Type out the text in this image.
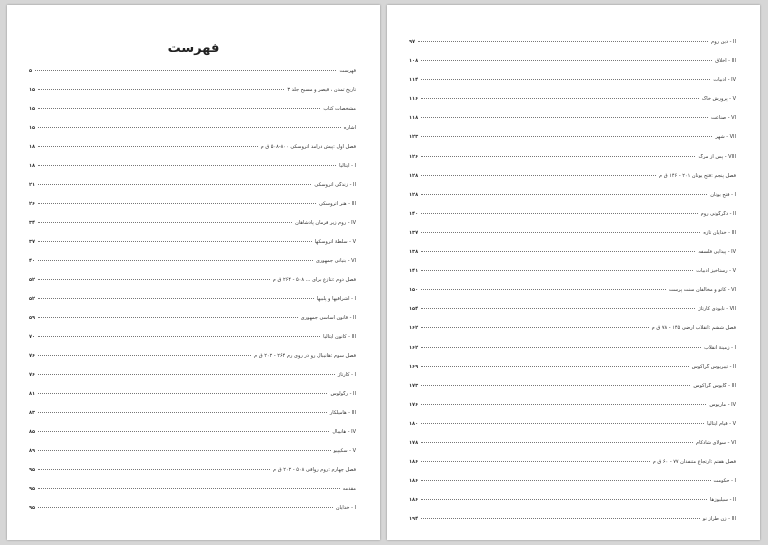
فهرست
فهرست
۵
تاریخ تمدن ، قیصر و مسیح جلد ۳
۱۵
مشخصات کتاب
۱۵
اشاره
۱۵
فصل اول :پیش درآمد اتروسکی ۸۰۰-۵۰۸ ق م
۱۸
I - ایتالیا
۱۸
II - زندگی اتروسکی
۲۱
III - هنر اتروسکی
۲۶
IV - روم زیر فرمان پادشاهان
۳۴
V - سلطهٔ اتروسکها
۳۷
VI - بنیانی جمهوری
۴۰
فصل دوم :تنازع برای ... ۵۰۸ - ۲۶۴ ق م
۵۲
I - اشرافیها و پلبیها
۵۲
II - قانون اساسی جمهوری
۵۹
III - کانون ایتالیا
۷۰
فصل سوم :هانیبال رو در روی رم ۲۶۴ - ۲۰۲ ق م
۷۶
I - کارتاژ
۷۶
II - رگولوس
۸۱
III - هامیلکار
۸۳
IV - هانیبال
۸۵
V - سکیپیو
۸۹
فصل چهارم :روم رواقی ۵۰۸ - ۲۰۲ ق م
۹۵
مقدمه
۹۵
I - خدایان
۹۵
II - دین روم
۹۷
III - اخلاق
۱۰۸
IV - ادبیات
۱۱۴
V - پرورش خاک
۱۱۶
VI - صناعت
۱۱۸
VII - شهر
۱۲۳
VIII - پس از مرگ
۱۲۶
فصل پنجم :فتح یونان ۲۰۱ - ۱۴۶ ق م
۱۲۸
I - فتح یونان
۱۲۸
II - دگرگونی روم
۱۴۰
III - خدایان تازه
۱۳۷
IV - پیدایی فلسفه
۱۳۸
V - رستاخیز ادبیات
۱۴۱
VI - کاتو و مخالفان سنت پرست
۱۵۰
VII - نابودی کارتاژ
۱۵۴
فصل ششم :انقلاب ارضی ۱۴۵ - ۷۸ ق م
۱۶۲
I - زمینهٔ انقلاب
۱۶۲
II - تیبریوس گراکوس
۱۶۹
III - گایوس گراکوس
۱۷۳
IV - ماریوس
۱۷۶
V - قیام ایتالیا
۱۸۰
VI - سولای شادکام
۱۷۸
فصل هفتم :ارتجاع متنفذان ۷۷ - ۶۰ ق م
۱۸۶
I - حکومت
۱۸۶
II - سیلیوزها
۱۸۶
III - زن طراز نو
۱۹۴
